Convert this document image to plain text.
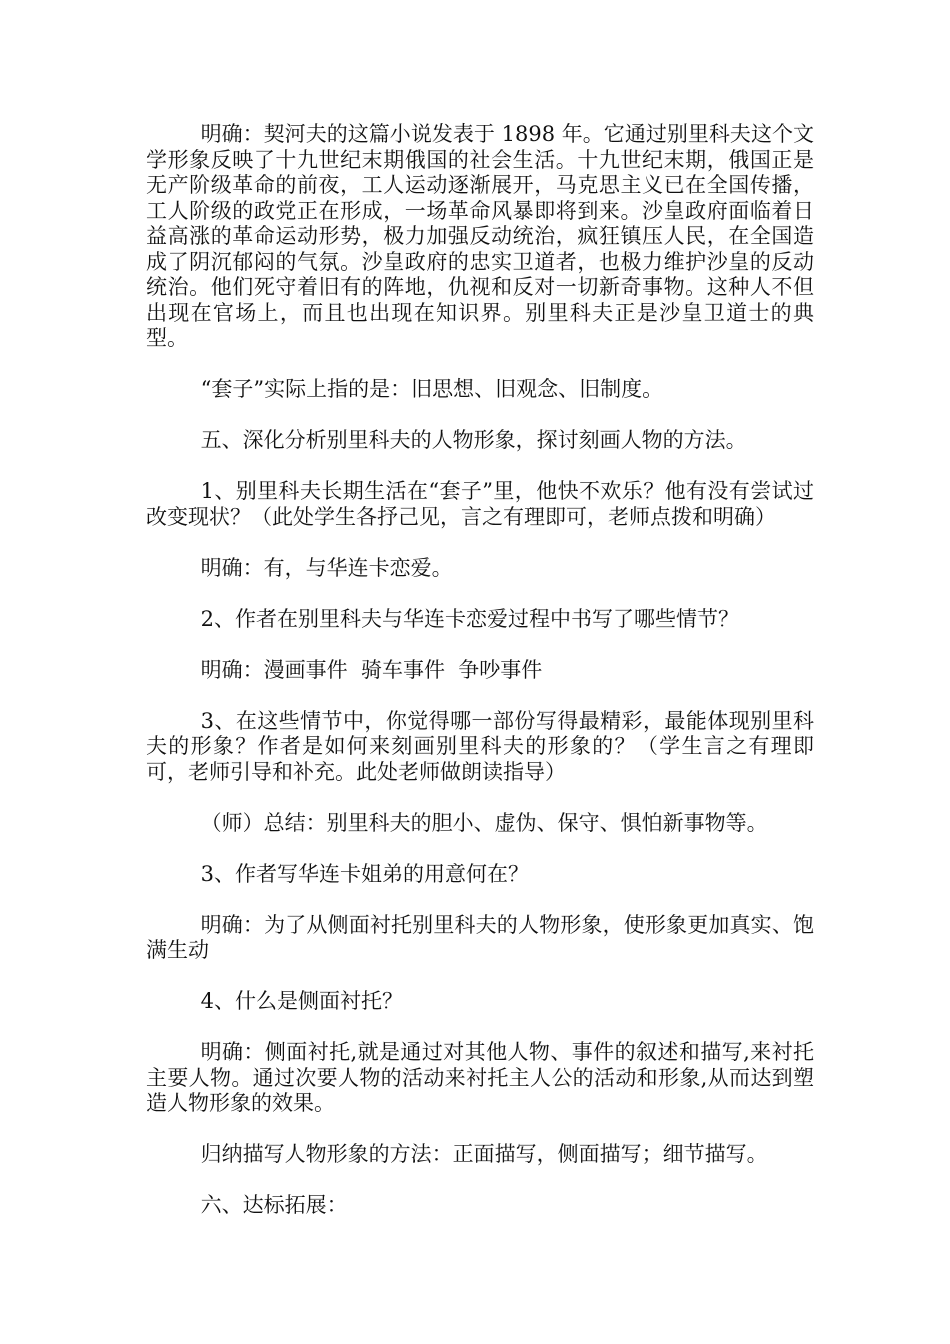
明确：契河夫的这篇小说发表于 1898 年。它通过别里科夫这个文学形象反映了十九世纪末期俄国的社会生活。十九世纪末期，俄国正是无产阶级革命的前夜，工人运动逐渐展开，马克思主义已在全国传播，工人阶级的政党正在形成，一场革命风暴即将到来。沙皇政府面临着日益高涨的革命运动形势，极力加强反动统治，疯狂镇压人民，在全国造成了阴沉郁闷的气氛。沙皇政府的忠实卫道者，也极力维护沙皇的反动统治。他们死守着旧有的阵地，仇视和反对一切新奇事物。这种人不但出现在官场上，而且也出现在知识界。别里科夫正是沙皇卫道士的典型。

“套子”实际上指的是：旧思想、旧观念、旧制度。

五、深化分析别里科夫的人物形象，探讨刻画人物的方法。

1、别里科夫长期生活在“套子”里，他快不欢乐？他有没有尝试过改变现状？（此处学生各抒己见，言之有理即可，老师点拨和明确）

明确：有，与华连卡恋爱。

2、作者在别里科夫与华连卡恋爱过程中书写了哪些情节？

明确：漫画事件  骑车事件  争吵事件

3、在这些情节中，你觉得哪一部份写得最精彩，最能体现别里科夫的形象？作者是如何来刻画别里科夫的形象的？（学生言之有理即可，老师引导和补充。此处老师做朗读指导）

（师）总结：别里科夫的胆小、虚伪、保守、惧怕新事物等。

3、作者写华连卡姐弟的用意何在？

明确：为了从侧面衬托别里科夫的人物形象，使形象更加真实、饱满生动

4、什么是侧面衬托？

明确：侧面衬托,就是通过对其他人物、事件的叙述和描写,来衬托主要人物。通过次要人物的活动来衬托主人公的活动和形象,从而达到塑造人物形象的效果。

归纳描写人物形象的方法：正面描写，侧面描写；细节描写。

六、达标拓展：
